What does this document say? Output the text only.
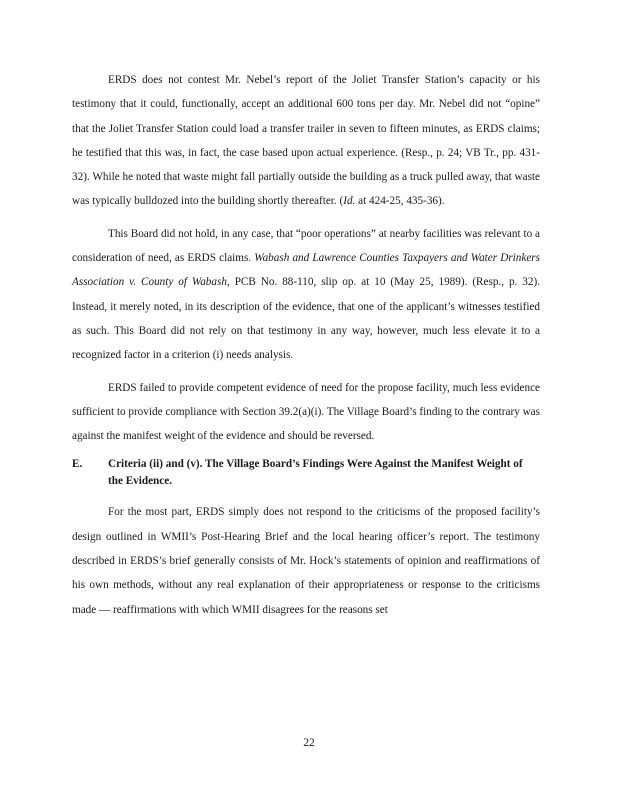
ERDS does not contest Mr. Nebel’s report of the Joliet Transfer Station’s capacity or his testimony that it could, functionally, accept an additional 600 tons per day. Mr. Nebel did not “opine” that the Joliet Transfer Station could load a transfer trailer in seven to fifteen minutes, as ERDS claims; he testified that this was, in fact, the case based upon actual experience. (Resp., p. 24; VB Tr., pp. 431-32). While he noted that waste might fall partially outside the building as a truck pulled away, that waste was typically bulldozed into the building shortly thereafter. (Id. at 424-25, 435-36).

This Board did not hold, in any case, that “poor operations” at nearby facilities was relevant to a consideration of need, as ERDS claims. Wabash and Lawrence Counties Taxpayers and Water Drinkers Association v. County of Wabash, PCB No. 88-110, slip op. at 10 (May 25, 1989). (Resp., p. 32). Instead, it merely noted, in its description of the evidence, that one of the applicant’s witnesses testified as such. This Board did not rely on that testimony in any way, however, much less elevate it to a recognized factor in a criterion (i) needs analysis.

ERDS failed to provide competent evidence of need for the propose facility, much less evidence sufficient to provide compliance with Section 39.2(a)(i). The Village Board’s finding to the contrary was against the manifest weight of the evidence and should be reversed.

E.	Criteria (ii) and (v). The Village Board’s Findings Were Against the Manifest Weight of the Evidence.

For the most part, ERDS simply does not respond to the criticisms of the proposed facility’s design outlined in WMII’s Post-Hearing Brief and the local hearing officer’s report. The testimony described in ERDS’s brief generally consists of Mr. Hock’s statements of opinion and reaffirmations of his own methods, without any real explanation of their appropriateness or response to the criticisms made — reaffirmations with which WMII disagrees for the reasons set

22
